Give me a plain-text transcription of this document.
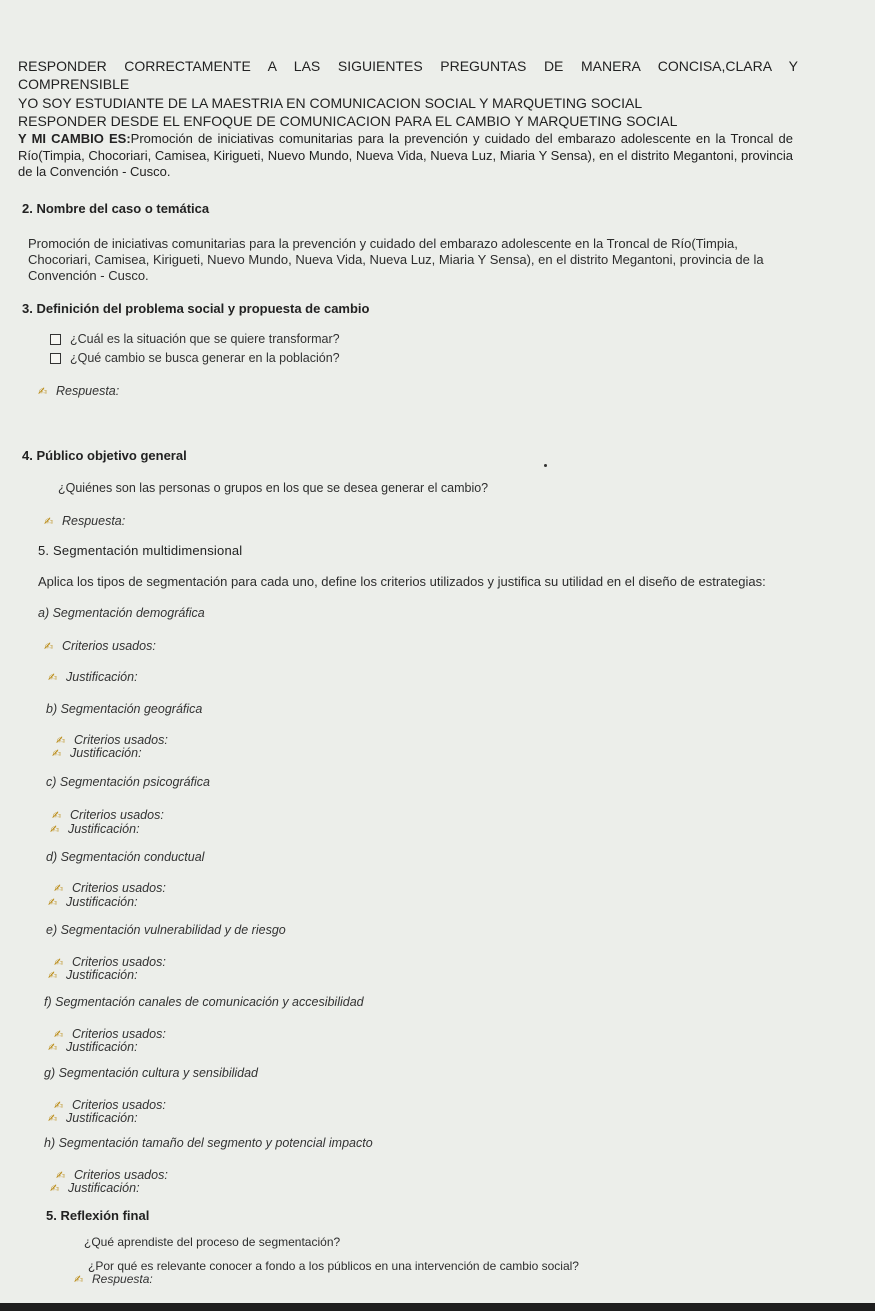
RESPONDER CORRECTAMENTE A LAS SIGUIENTES PREGUNTAS DE MANERA CONCISA,CLARA Y
COMPRENSIBLE
YO SOY ESTUDIANTE DE LA MAESTRIA EN COMUNICACION SOCIAL Y MARQUETING SOCIAL
RESPONDER DESDE EL ENFOQUE DE COMUNICACION PARA EL CAMBIO Y MARQUETING SOCIAL
Y MI CAMBIO ES:Promoción de iniciativas comunitarias para la prevención y cuidado del embarazo adolescente en la Troncal de Río(Timpia, Chocoriari, Camisea, Kirigueti, Nuevo Mundo, Nueva Vida, Nueva Luz, Miaria Y Sensa), en el distrito Megantoni, provincia de la Convención - Cusco.
2. Nombre del caso o temática
Promoción de iniciativas comunitarias para la prevención y cuidado del embarazo adolescente en la Troncal de Río(Timpia, Chocoriari, Camisea, Kirigueti, Nuevo Mundo, Nueva Vida, Nueva Luz, Miaria Y Sensa), en el distrito Megantoni, provincia de la Convención - Cusco.
3. Definición del problema social y propuesta de cambio
¿Cuál es la situación que se quiere transformar?
¿Qué cambio se busca generar en la población?
✍ Respuesta:
4. Público objetivo general
¿Quiénes son las personas o grupos en los que se desea generar el cambio?
✍ Respuesta:
5. Segmentación multidimensional
Aplica los tipos de segmentación para cada uno, define los criterios utilizados y justifica su utilidad en el diseño de estrategias:
a) Segmentación demográfica
✍ Criterios usados:
✍ Justificación:
b) Segmentación geográfica
✍ Criterios usados:
✍ Justificación:
c) Segmentación psicográfica
✍ Criterios usados:
✍ Justificación:
d) Segmentación conductual
✍ Criterios usados:
✍ Justificación:
e) Segmentación vulnerabilidad y de riesgo
✍ Criterios usados:
✍ Justificación:
f) Segmentación canales de comunicación y accesibilidad
✍ Criterios usados:
✍ Justificación:
g) Segmentación cultura y sensibilidad
✍ Criterios usados:
✍ Justificación:
h) Segmentación tamaño del segmento y potencial impacto
✍ Criterios usados:
✍ Justificación:
5. Reflexión final
¿Qué aprendiste del proceso de segmentación?
¿Por qué es relevante conocer a fondo a los públicos en una intervención de cambio social?
✍ Respuesta:
